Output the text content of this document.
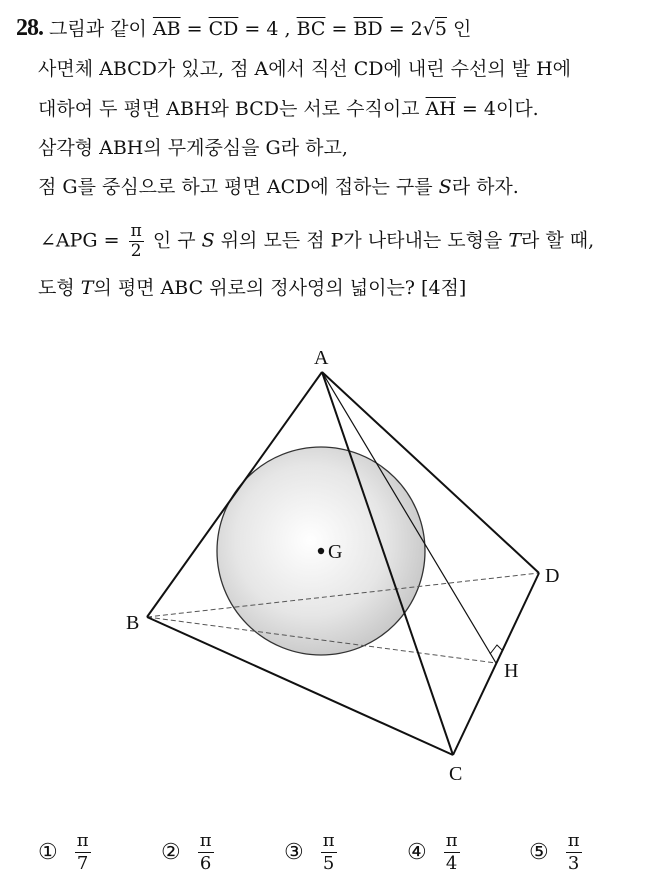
28. 그림과 같이 $\overline{AB} = \overline{CD} = 4$ , $\overline{BC} = \overline{BD} = 2√5$ 인
사면체 ABCD가 있고, 점 A에서 직선 CD에 내린 수선의 발 H에
대하여 두 평면 ABH와 BCD는 서로 수직이고 $\overline{AH} = 4$이다.
삼각형 ABH의 무게중심을 G라 하고,
점 G를 중심으로 하고 평면 ACD에 접하는 구를 S라 하자.
∠APG = $\frac{\pi}{2}$ 인 구 S 위의 모든 점 P가 나타내는 도형을 T라 할 때,
도형 T의 평면 ABC 위로의 정사영의 넓이는? [4점]
A
B
C
D
H
G
① $\frac{\pi}{7}$	② $\frac{\pi}{6}$	③ $\frac{\pi}{5}$	④ $\frac{\pi}{4}$	⑤ $\frac{\pi}{3}$
